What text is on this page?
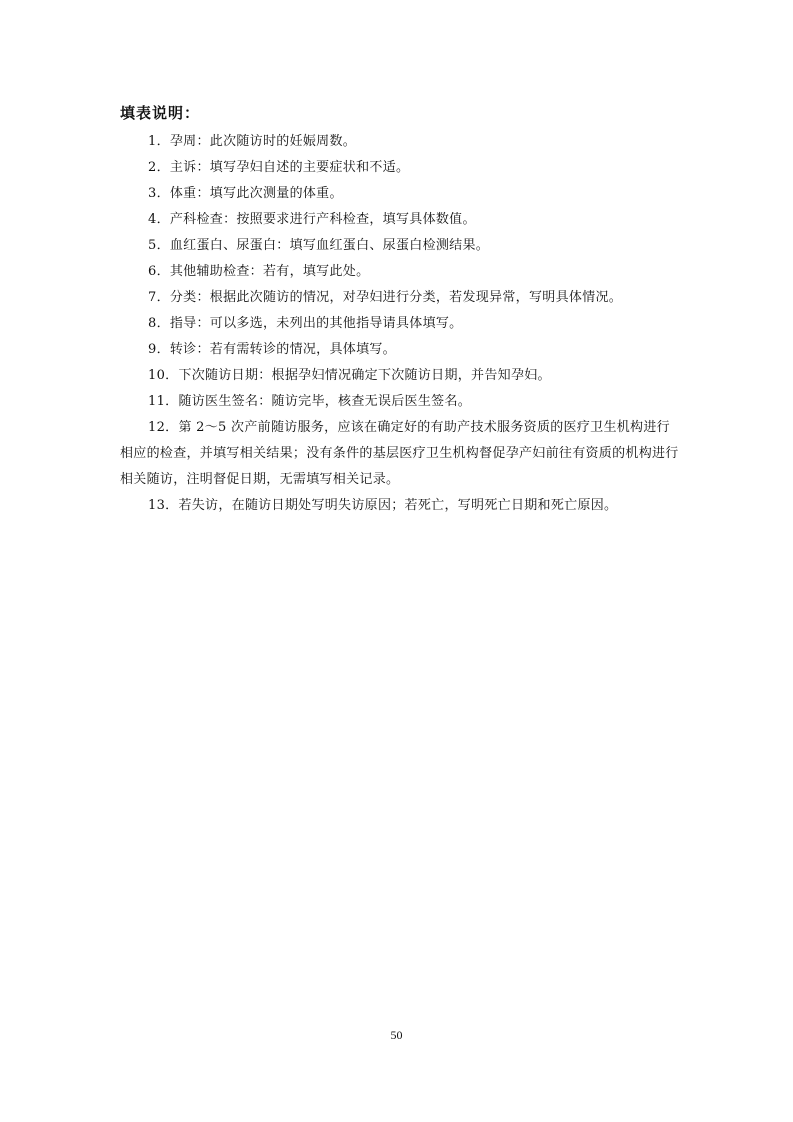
填表说明：
1．孕周：此次随访时的妊娠周数。
2．主诉：填写孕妇自述的主要症状和不适。
3．体重：填写此次测量的体重。
4．产科检查：按照要求进行产科检查，填写具体数值。
5．血红蛋白、尿蛋白：填写血红蛋白、尿蛋白检测结果。
6．其他辅助检查：若有，填写此处。
7．分类：根据此次随访的情况，对孕妇进行分类，若发现异常，写明具体情况。
8．指导：可以多选，未列出的其他指导请具体填写。
9．转诊：若有需转诊的情况，具体填写。
10．下次随访日期：根据孕妇情况确定下次随访日期，并告知孕妇。
11．随访医生签名：随访完毕，核查无误后医生签名。
12．第 2～5 次产前随访服务，应该在确定好的有助产技术服务资质的医疗卫生机构进行相应的检查，并填写相关结果；没有条件的基层医疗卫生机构督促孕产妇前往有资质的机构进行相关随访，注明督促日期，无需填写相关记录。
13．若失访，在随访日期处写明失访原因；若死亡，写明死亡日期和死亡原因。
50
